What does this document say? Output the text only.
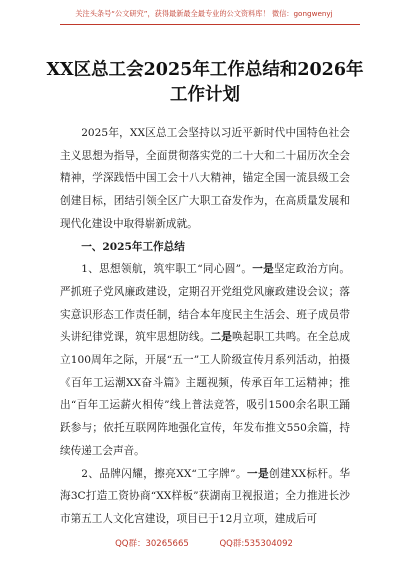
关注头条号“公文研究”，获得最新最全最专业的公文资料库！ 微信：gongwenyj
XX区总工会2025年工作总结和2026年
工作计划

2025年，XX区总工会坚持以习近平新时代中国特色社会主义思想为指导，全面贯彻落实党的二十大和二十届历次全会精神，学深践悟中国工会十八大精神，锚定全国一流县级工会创建目标，团结引领全区广大职工奋发作为，在高质量发展和现代化建设中取得崭新成就。

一、2025年工作总结

1、思想领航，筑牢职工“同心圆”。一是坚定政治方向。严抓班子党风廉政建设，定期召开党组党风廉政建设会议；落实意识形态工作责任制，结合本年度民主生活会、班子成员带头讲纪律党课，筑牢思想防线。二是唤起职工共鸣。在全总成立100周年之际，开展“五一”工人阶级宣传月系列活动，拍摄《百年工运潮XX奋斗篇》主题视频，传承百年工运精神；推出“百年工运薪火相传”线上普法竞答，吸引1500余名职工踊跃参与；依托互联网阵地强化宣传，年发布推文550余篇，持续传递工会声音。

2、品牌闪耀，擦亮XX“工字牌”。一是创建XX标杆。华海3C打造工资协商“XX样板”获湖南卫视报道；全力推进长沙市第五工人文化宫建设，项目已于12月立项，建成后可

QQ群：30265665	QQ群:535304092
